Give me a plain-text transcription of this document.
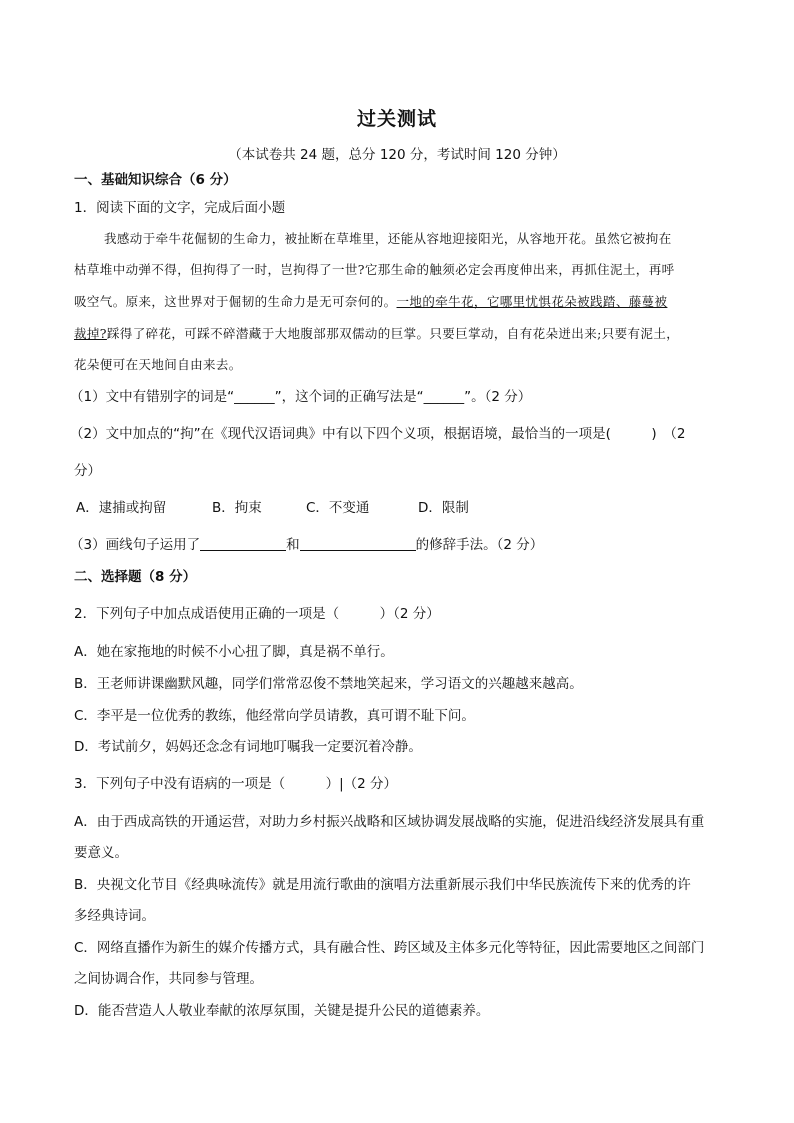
过关测试
（本试卷共 24 题，总分 120 分，考试时间 120 分钟）
一、基础知识综合（6 分）
1．阅读下面的文字，完成后面小题
我感动于牵牛花倔韧的生命力，被扯断在草堆里，还能从容地迎接阳光，从容地开花。虽然它被拘在
枯草堆中动弹不得，但拘得了一时，岂拘得了一世?它那生命的触须必定会再度伸出来，再抓住泥土，再呼
吸空气。原来，这世界对于倔韧的生命力是无可奈何的。一地的牵牛花，它哪里忧惧花朵被践踏、藤蔓被
裁掉?踩得了碎花，可踩不碎潜藏于大地腹部那双儒动的巨掌。只要巨掌动，自有花朵迸出来;只要有泥土，
花朵便可在天地间自由来去。
（1）文中有错别字的词是“______”，这个词的正确写法是“______”。（2 分）
（2）文中加点的“拘”在《现代汉语词典》中有以下四个义项，根据语境，最恰当的一项是(　　　)　（2
分）
A．逮捕或拘留	B．拘束	C．不变通	D．限制
（3）画线句子运用了	和	的修辞手法。（2 分）
二、选择题（8 分）
2．下列句子中加点成语使用正确的一项是（　　　）（2 分）
A．她在家拖地的时候不小心扭了脚，真是祸不单行。
B．王老师讲课幽默风趣，同学们常常忍俊不禁地笑起来，学习语文的兴趣越来越高。
C．李平是一位优秀的教练，他经常向学员请教，真可谓不耻下问。
D．考试前夕，妈妈还念念有词地叮嘱我一定要沉着冷静。
3．下列句子中没有语病的一项是（　　　）|（2 分）
A．由于西成高铁的开通运营，对助力乡村振兴战略和区域协调发展战略的实施，促进沿线经济发展具有重
要意义。
B．央视文化节目《经典咏流传》就是用流行歌曲的演唱方法重新展示我们中华民族流传下来的优秀的许
多经典诗词。
C．网络直播作为新生的媒介传播方式，具有融合性、跨区域及主体多元化等特征，因此需要地区之间部门
之间协调合作，共同参与管理。
D．能否营造人人敬业奉献的浓厚氛围，关键是提升公民的道德素养。
